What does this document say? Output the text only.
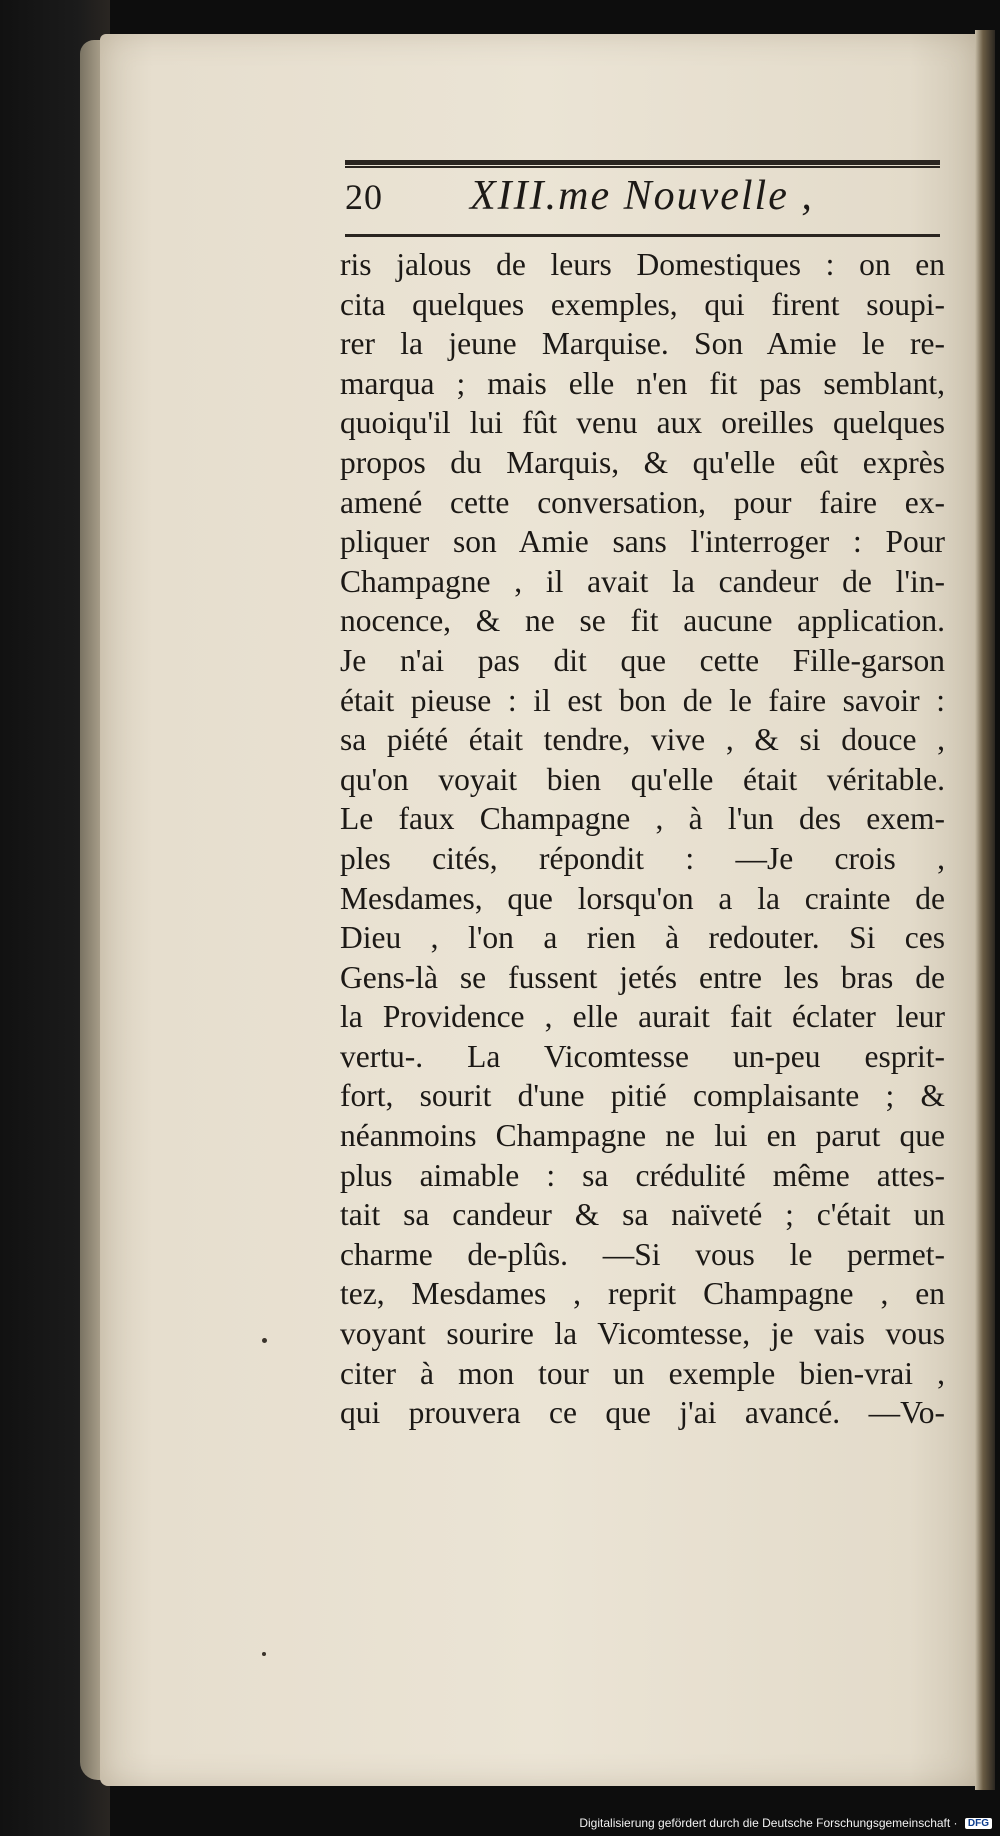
20 XIII.me Nouvelle ,
ris jalous de leurs Domestiques : on en
cita quelques exemples, qui firent soupi-
rer la jeune Marquise. Son Amie le re-
marqua ; mais elle n'en fit pas semblant,
quoiqu'il lui fût venu aux oreilles quelques
propos du Marquis, & qu'elle eût exprès
amené cette conversation, pour faire ex-
pliquer son Amie sans l'interroger : Pour
Champagne , il avait la candeur de l'in-
nocence, & ne se fit aucune application.
Je n'ai pas dit que cette Fille-garson
était pieuse : il est bon de le faire savoir :
sa piété était tendre, vive , & si douce ,
qu'on voyait bien qu'elle était véritable.
Le faux Champagne , à l'un des exem-
ples cités, répondit : —Je crois ,
Mesdames, que lorsqu'on a la crainte de
Dieu , l'on a rien à redouter. Si ces
Gens-là se fussent jetés entre les bras de
la Providence , elle aurait fait éclater leur
vertu-. La Vicomtesse un-peu esprit-
fort, sourit d'une pitié complaisante ; &
néanmoins Champagne ne lui en parut que
plus aimable : sa crédulité même attes-
tait sa candeur & sa naïveté ; c'était un
charme de-plûs. —Si vous le permet-
tez, Mesdames , reprit Champagne , en
voyant sourire la Vicomtesse, je vais vous
citer à mon tour un exemple bien-vrai ,
qui prouvera ce que j'ai avancé. —Vo-
Digitalisierung gefördert durch die Deutsche Forschungsgemeinschaft · DFG
